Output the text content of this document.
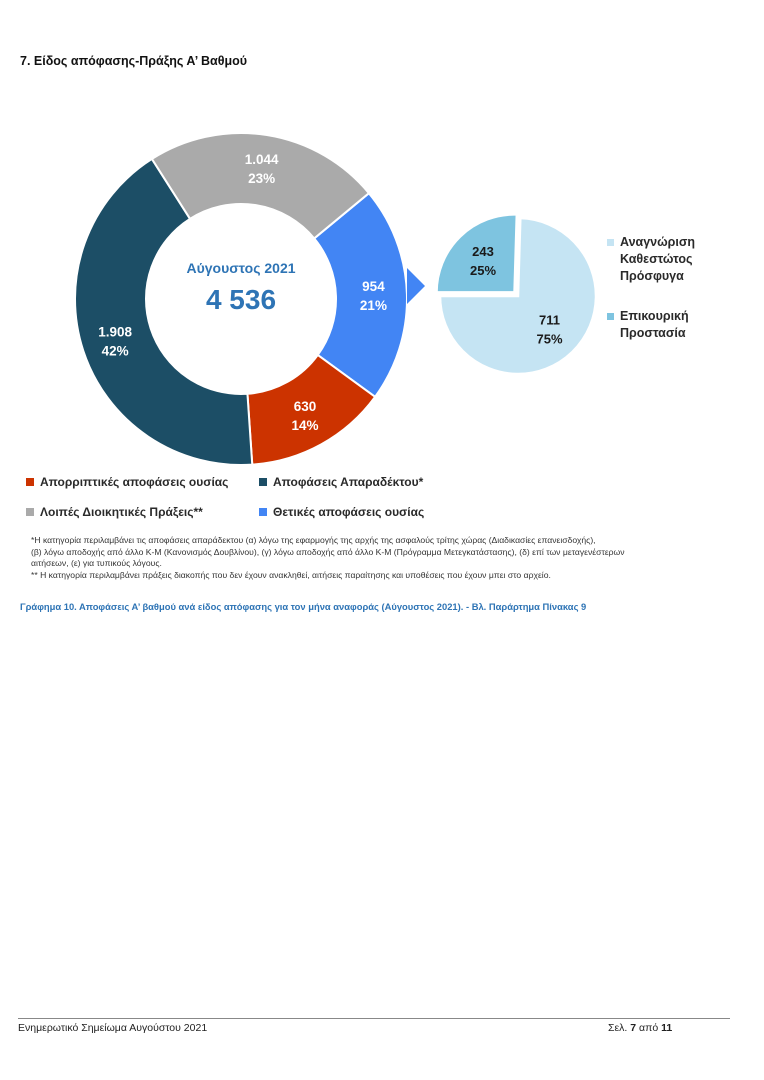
7. Είδος απόφασης-Πράξης Α’ Βαθμού
954
21%
630
14%
1.908
42%
1.044
23%
Αύγουστος 2021
4 536
243
25%
711
75%
Αναγνώριση
Καθεστώτος
Πρόσφυγα
Επικουρική
Προστασία
Απορριπτικές αποφάσεις ουσίας	Αποφάσεις Απαραδέκτου*
Λοιπές Διοικητικές Πράξεις**	Θετικές αποφάσεις ουσίας

*Η κατηγορία περιλαμβάνει τις αποφάσεις απαράδεκτου (α) λόγω της εφαρμογής της αρχής της ασφαλούς τρίτης χώρας (Διαδικασίες επανεισδοχής),

(β) λόγω αποδοχής από άλλο Κ-Μ (Κανονισμός Δουβλίνου), (γ) λόγω αποδοχής από άλλο Κ-Μ (Πρόγραμμα Μετεγκατάστασης), (δ) επί των μεταγενέστερων

αιτήσεων, (ε) για τυπικούς λόγους.

** Η κατηγορία περιλαμβάνει πράξεις διακοπής που δεν έχουν ανακληθεί, αιτήσεις παραίτησης και υποθέσεις που έχουν μπει στο αρχείο.

Γράφημα 10. Αποφάσεις Α’ βαθμού ανά είδος απόφασης για τον μήνα αναφοράς (Αύγουστος 2021). - Βλ. Παράρτημα Πίνακας 9
Ενημερωτικό Σημείωμα Αυγούστου 2021	Σελ. 7 από 11
